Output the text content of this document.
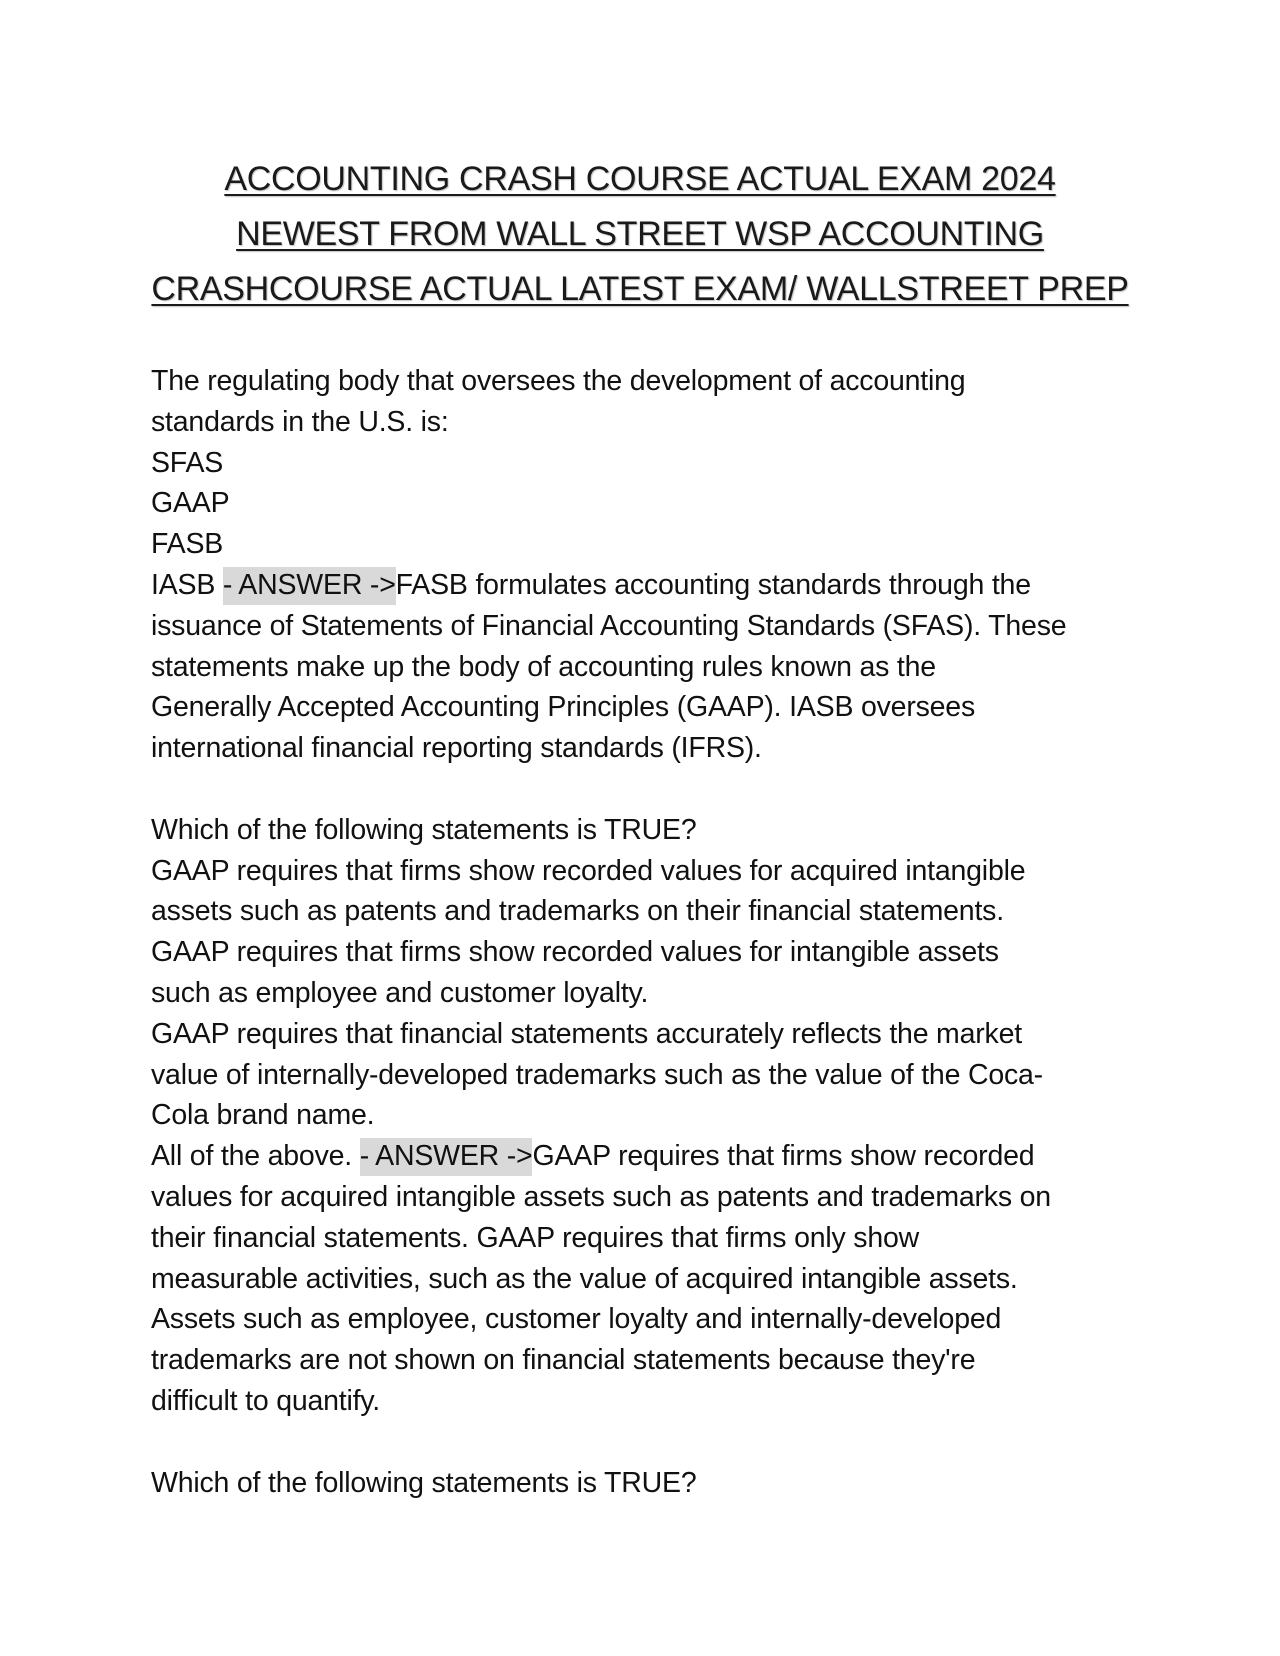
ACCOUNTING CRASH COURSE ACTUAL EXAM 2024
NEWEST FROM WALL STREET WSP ACCOUNTING
CRASHCOURSE ACTUAL LATEST EXAM/ WALLSTREET PREP
The regulating body that oversees the development of accounting
standards in the U.S. is:
SFAS
GAAP
FASB
IASB - ANSWER ->FASB formulates accounting standards through the
issuance of Statements of Financial Accounting Standards (SFAS). These
statements make up the body of accounting rules known as the
Generally Accepted Accounting Principles (GAAP). IASB oversees
international financial reporting standards (IFRS).
Which of the following statements is TRUE?
GAAP requires that firms show recorded values for acquired intangible
assets such as patents and trademarks on their financial statements.
GAAP requires that firms show recorded values for intangible assets
such as employee and customer loyalty.
GAAP requires that financial statements accurately reflects the market
value of internally-developed trademarks such as the value of the Coca-
Cola brand name.
All of the above. - ANSWER ->GAAP requires that firms show recorded
values for acquired intangible assets such as patents and trademarks on
their financial statements. GAAP requires that firms only show
measurable activities, such as the value of acquired intangible assets.
Assets such as employee, customer loyalty and internally-developed
trademarks are not shown on financial statements because they're
difficult to quantify.
Which of the following statements is TRUE?
